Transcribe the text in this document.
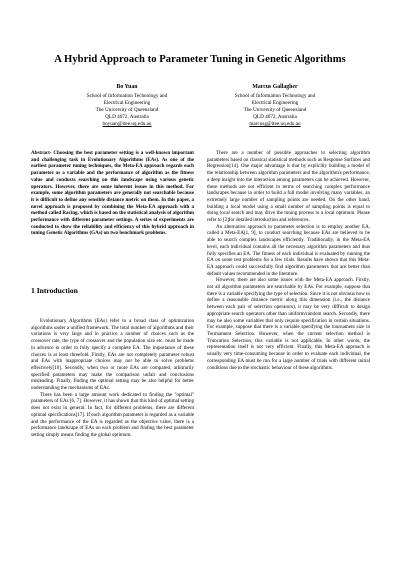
A Hybrid Approach to Parameter Tuning in Genetic Algorithms
Bo Yuan
School of Information Technology and
Electrical Engineering
The University of Queensland
QLD 4072, Australia
boyuan@itee.uq.edu.au
Marcus Gallagher
School of Information Technology and
Electrical Engineering
The University of Queensland
QLD 4072, Australia
marcusg@itee.uq.edu.au

Abstract- Choosing the best parameter setting is a well-known important and challenging task in Evolutionary Algorithms (EAs). As one of the earliest parameter tuning techniques, the Meta-EA approach regards each parameter as a variable and the performance of algorithm as the fitness value and conducts searching on this landscape using various genetic operators. However, there are some inherent issues in this method. For example, some algorithm parameters are generally not searchable because it is difficult to define any sensible distance metric on them. In this paper, a novel approach is proposed by combining the Meta-EA approach with a method called Racing, which is based on the statistical analysis of algorithm performance with different parameter settings. A series of experiments are conducted to show the reliability and efficiency of this hybrid approach in tuning Genetic Algorithms (GAs) on two benchmark problems.

1 Introduction

Evolutionary Algorithms (EAs) refer to a broad class of optimization algorithms under a unified framework. The total number of algorithms and their variations is very large and in practice a number of choices such as the crossover rate, the type of crossover and the population size etc. must be made in advance in order to fully specify a complete EA. The importance of these choices is at least threefold. Firstly, EAs are not completely parameter robust and EAs with inappropriate choices may not be able to solve problems effectively[10]. Secondly, when two or more EAs are compared, arbitrarily specified parameters may make the comparison unfair and conclusions misleading. Finally, finding the optimal setting may be also helpful for better understanding the mechanisms of EAs.

There has been a large amount work dedicated to finding the "optimal" parameters of EAs [6, 7]. However, it has shown that this kind of optimal setting does not exist in general. In fact, for different problems, there are different optimal specifications[17]. If each algorithm parameter is regarded as a variable and the performance of the EA is regarded as the objective value, there is a performance landscape of EAs on each problem and finding the best parameter setting simply means finding the global optimum.

There are a number of possible approaches to selecting algorithm parameters based on classical statistical methods such as Response Surfaces and Regression[14]. One major advantage is that by explicitly building a model of the relationship between algorithm parameters and the algorithm's performance, a deep insight into the interaction among parameters can be achieved. However, these methods are not efficient in terms of searching complex performance landscapes because in order to build a full model involving many variables, an extremely large number of sampling points are needed. On the other hand, building a local model using a small number of sampling points is equal to doing local search and may drive the tuning process to a local optimum. Please refer to [2]for detailed introduction and references.

An alternative approach to parameter selection is to employ another EA, called a Meta-EA[1, 9], to conduct searching because EAs are believed to be able to search complex landscapes efficiently. Traditionally, in the Meta-EA level, each individual contains all the necessary algorithm parameters and thus fully specifies an EA. The fitness of each individual is evaluated by running the EA on some test problems for a few trials. Results have shown that this Meta-EA approach could successfully find algorithm parameters that are better than default values recommended in the literature.

However, there are also some issues with the Meta-EA approach. Firstly, not all algorithm parameters are searchable by EAs. For example, suppose that there is a variable specifying the type of selection. Since it is not obvious how to define a reasonable distance metric along this dimension (i.e., the distance between each pair of selection operators), it may be very difficult to design appropriate search operators other than uniform/random search. Secondly, there may be also some variables that only require specification in certain situations. For example, suppose that there is a variable specifying the tournament size in Tournament Selection. However, when the current selection method is Truncation Selection, this variable is not applicable. In other words, the representation itself is not very efficient. Finally, this Meta-EA approach is usually very time-consuming because in order to evaluate each individual, the corresponding EA must be run for a large number of trials with different initial conditions due to the stochastic behaviour of these algorithms.
